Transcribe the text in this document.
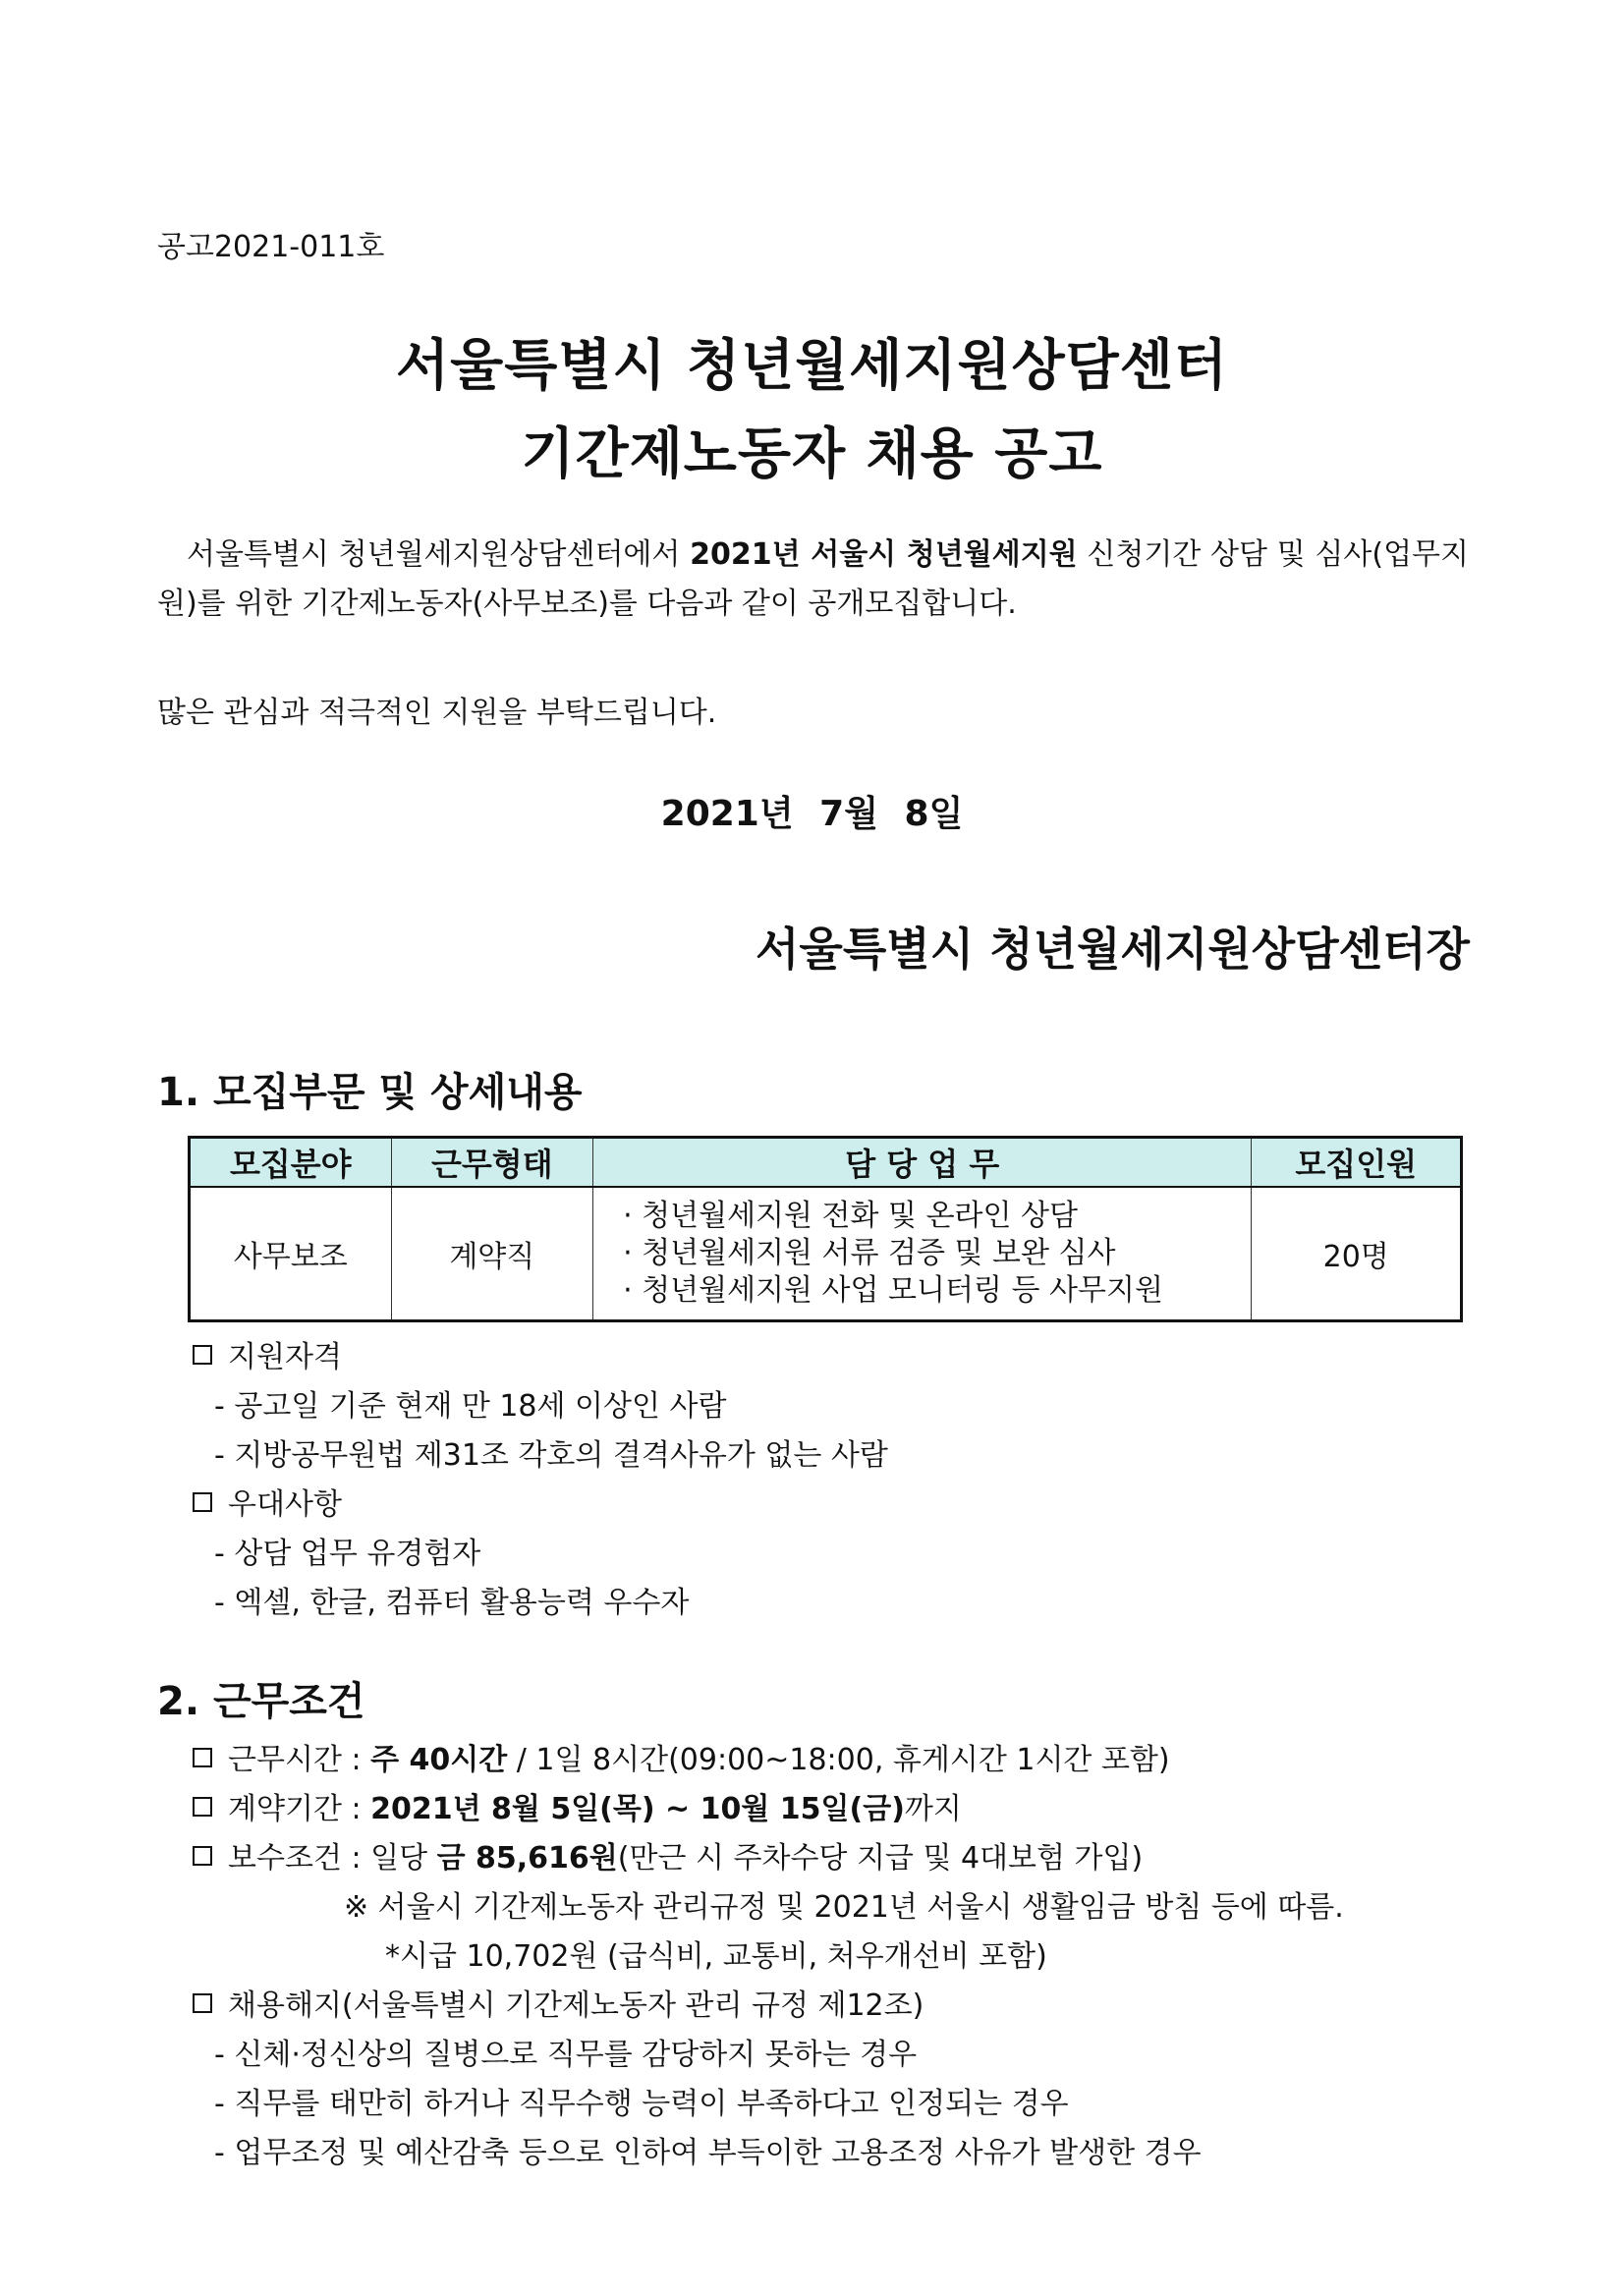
공고2021-011호
서울특별시 청년월세지원상담센터
기간제노동자 채용 공고
서울특별시 청년월세지원상담센터에서 2021년 서울시 청년월세지원 신청기간 상담 및 심사(업무지원)를 위한 기간제노동자(사무보조)를 다음과 같이 공개모집합니다.
많은 관심과 적극적인 지원을 부탁드립니다.
2021년 7월 8일
서울특별시 청년월세지원상담센터장
1. 모집부문 및 상세내용
모집분야	근무형태	담 당 업 무	모집인원
사무보조	계약직	· 청년월세지원 전화 및 온라인 상담
· 청년월세지원 서류 검증 및 보완 심사
· 청년월세지원 사업 모니터링 등 사무지원	20명
지원자격
- 공고일 기준 현재 만 18세 이상인 사람
- 지방공무원법 제31조 각호의 결격사유가 없는 사람
우대사항
- 상담 업무 유경험자
- 엑셀, 한글, 컴퓨터 활용능력 우수자
2. 근무조건
근무시간 : 주 40시간 / 1일 8시간(09:00~18:00, 휴게시간 1시간 포함)
계약기간 : 2021년 8월 5일(목) ~ 10월 15일(금)까지
보수조건 : 일당 금 85,616원(만근 시 주차수당 지급 및 4대보험 가입)
※ 서울시 기간제노동자 관리규정 및 2021년 서울시 생활임금 방침 등에 따름.
*시급 10,702원 (급식비, 교통비, 처우개선비 포함)
채용해지(서울특별시 기간제노동자 관리 규정 제12조)
- 신체·정신상의 질병으로 직무를 감당하지 못하는 경우
- 직무를 태만히 하거나 직무수행 능력이 부족하다고 인정되는 경우
- 업무조정 및 예산감축 등으로 인하여 부득이한 고용조정 사유가 발생한 경우
